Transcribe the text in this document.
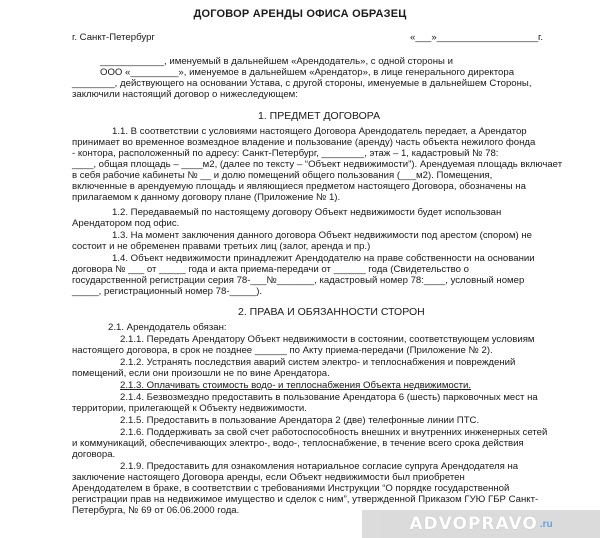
ДОГОВОР АРЕНДЫ ОФИСА ОБРАЗЕЦ
г. Санкт-Петербург	«___»___________________г.
____________, именуемый в дальнейшем «Арендодатель», с одной стороны и
ООО «_________», именуемое в дальнейшем «Арендатор», в лице генерального директора
________, действующего на основании Устава, с другой стороны, именуемые в дальнейшем Стороны,
заключили настоящий договор о нижеследующем:
1. ПРЕДМЕТ ДОГОВОРА
1.1. В соответствии с условиями настоящего Договора Арендодатель передает, а Арендатор
принимает во временное возмездное владение и пользование (аренду) часть объекта нежилого фонда
- контора, расположенный по адресу: Санкт-Петербург, ________, этаж – 1, кадастровый № 78:
____, общая площадь – ____м2, (далее по тексту – “Объект недвижимости”). Арендуемая площадь включает
в себя рабочие кабинеты № __ и долю помещений общего пользования (___м2). Помещения,
включенные в арендуемую площадь и являющиеся предметом настоящего Договора, обозначены на
прилагаемом к данному договору плане (Приложение № 1).
1.2. Передаваемый по настоящему договору Объект недвижимости будет использован
Арендатором под офис.
1.3. На момент заключения данного договора Объект недвижимости под арестом (спором) не
состоит и не обременен правами третьих лиц (залог, аренда и пр.)
1.4. Объект недвижимости принадлежит Арендодателю на праве собственности на основании
договора № ___ от _____ года и акта приема-передачи от ______ года (Свидетельство о
государственной регистрации серия 78-___№_______, кадастровый номер 78:____, условный номер
_____, регистрационный номер 78-_____).
2. ПРАВА И ОБЯЗАННОСТИ СТОРОН
2.1. Арендодатель обязан:
2.1.1. Передать Арендатору Объект недвижимости в состоянии, соответствующем условиям
настоящего договора, в срок не позднее ______ по Акту приема-передачи (Приложение № 2).
2.1.2. Устранять последствия аварий систем электро- и теплоснабжения и повреждений
помещений, если они произошли не по вине Арендатора.
2.1.3. Оплачивать стоимость водо- и теплоснабжения Объекта недвижимости.
2.1.4. Безвозмездно предоставить в пользование Арендатора 6 (шесть) парковочных мест на
территории, прилегающей к Объекту недвижимости.
2.1.5. Предоставить в пользование Арендатора 2 (две) телефонные линии ПТС.
2.1.6. Поддерживать за свой счет работоспособность внешних и внутренних инженерных сетей
и коммуникаций, обеспечивающих электро-, водо-, теплоснабжение, в течение всего срока действия
договора.
2.1.9. Предоставить для ознакомления нотариальное согласие супруга Арендодателя на
заключение настоящего Договора аренды, если Объект недвижимости был приобретен
Арендодателем в браке, в соответствии с требованиями Инструкции “О порядке государственной
регистрации прав на недвижимое имущество и сделок с ним”, утвержденной Приказом ГУЮ ГБР Санкт-
Петербурга, № 69 от 06.06.2000 года.
ADVOPRAVO .ru
